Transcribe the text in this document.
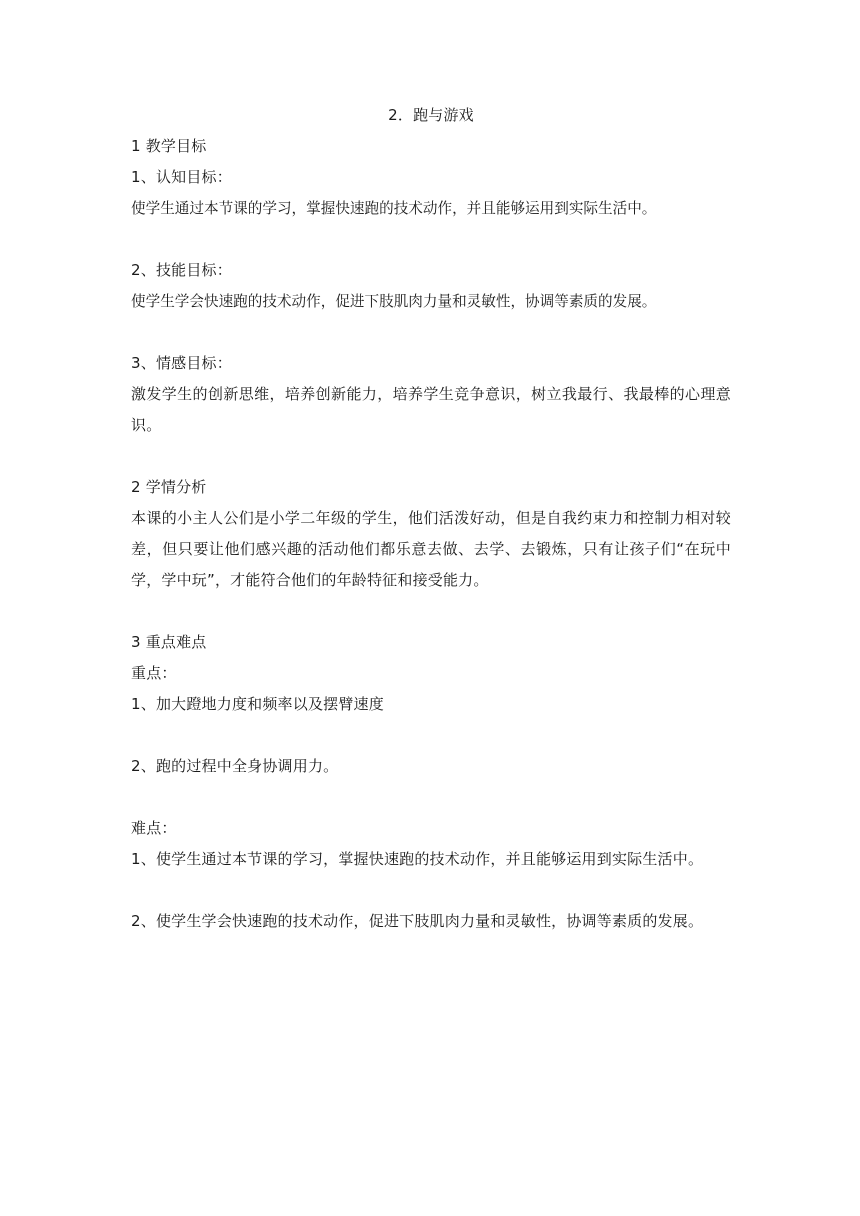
2．跑与游戏

1 教学目标

1、认知目标：

使学生通过本节课的学习，掌握快速跑的技术动作，并且能够运用到实际生活中。

2、技能目标：

使学生学会快速跑的技术动作，促进下肢肌肉力量和灵敏性，协调等素质的发展。

3、情感目标：

激发学生的创新思维，培养创新能力，培养学生竞争意识，树立我最行、我最棒的心理意识。

2 学情分析

本课的小主人公们是小学二年级的学生，他们活泼好动，但是自我约束力和控制力相对较差，但只要让他们感兴趣的活动他们都乐意去做、去学、去锻炼，只有让孩子们“在玩中学，学中玩”，才能符合他们的年龄特征和接受能力。

3 重点难点

重点：

1、加大蹬地力度和频率以及摆臂速度

2、跑的过程中全身协调用力。

难点：

1、使学生通过本节课的学习，掌握快速跑的技术动作，并且能够运用到实际生活中。

2、使学生学会快速跑的技术动作，促进下肢肌肉力量和灵敏性，协调等素质的发展。
